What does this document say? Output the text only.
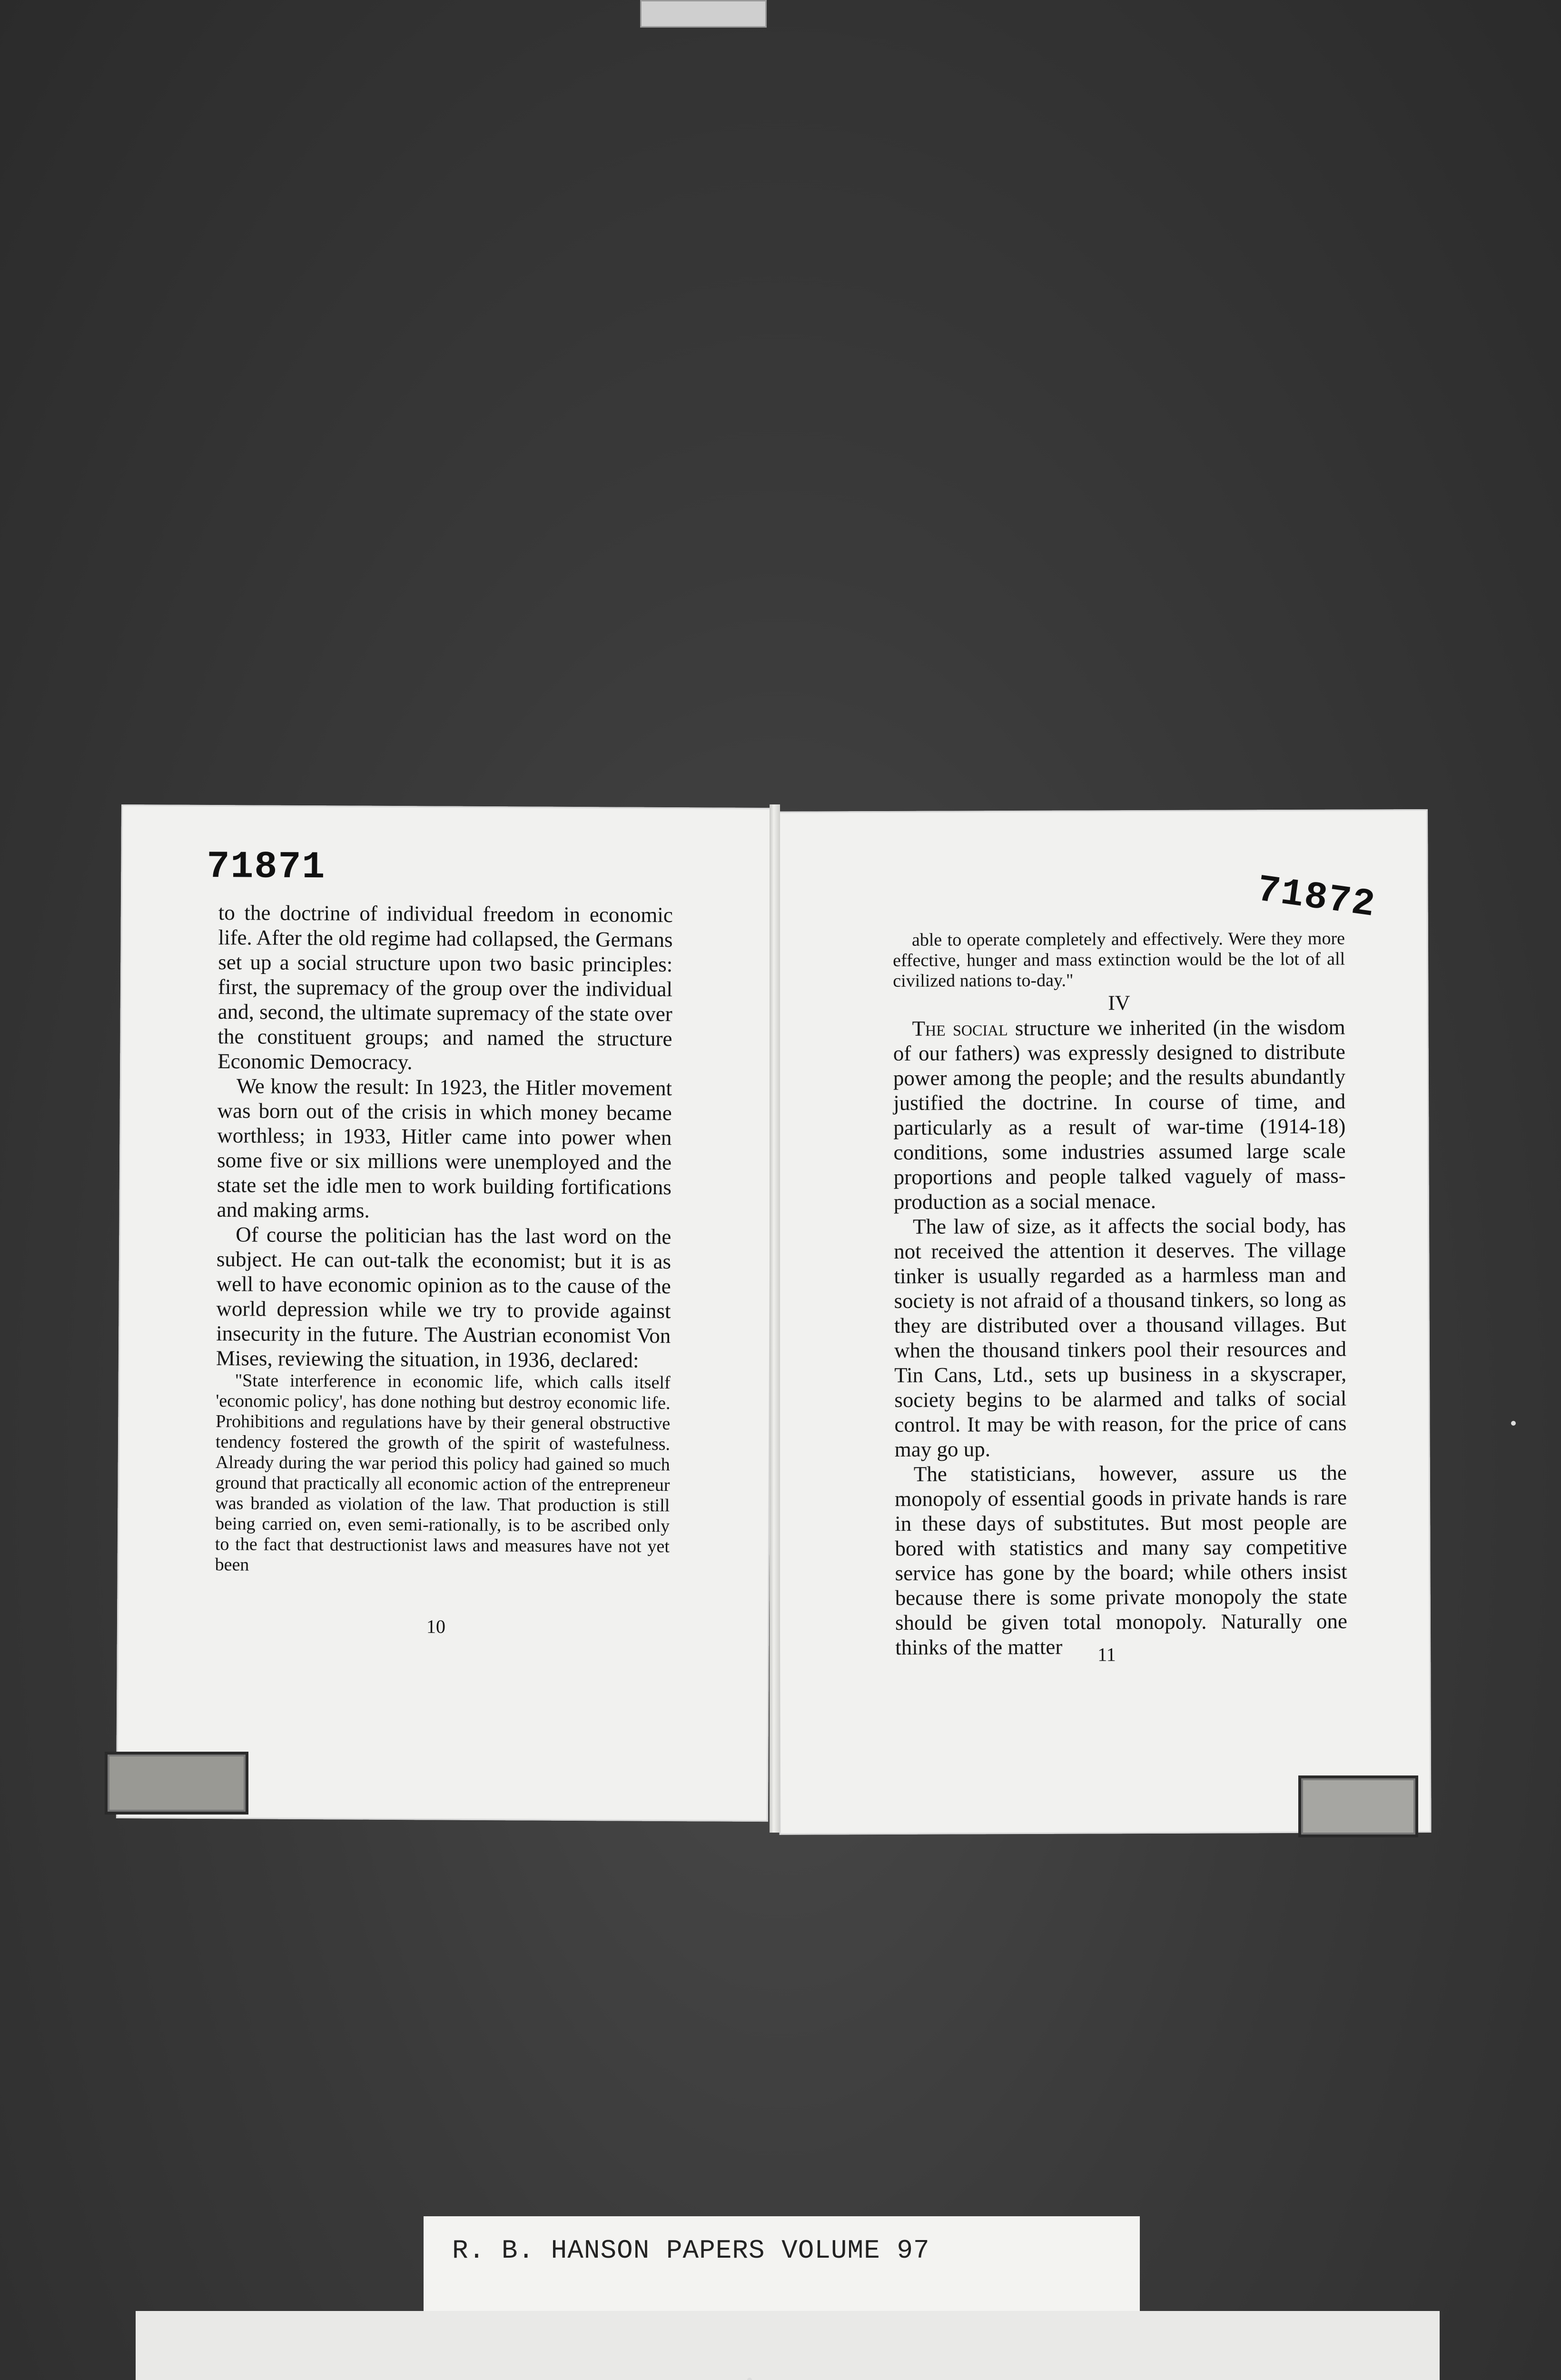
71871

to the doctrine of individual freedom in economic life. After the old regime had collapsed, the Germans set up a social structure upon two basic principles: first, the supremacy of the group over the individual and, second, the ultimate supremacy of the state over the constituent groups; and named the structure Economic Democracy.

We know the result: In 1923, the Hitler movement was born out of the crisis in which money became worthless; in 1933, Hitler came into power when some five or six millions were unemployed and the state set the idle men to work building fortifications and making arms.

Of course the politician has the last word on the subject. He can out-talk the economist; but it is as well to have economic opinion as to the cause of the world depression while we try to provide against insecurity in the future. The Austrian economist Von Mises, reviewing the situation, in 1936, declared:

"State interference in economic life, which calls itself 'economic policy', has done nothing but destroy economic life. Prohibitions and regulations have by their general obstructive tendency fostered the growth of the spirit of wastefulness. Already during the war period this policy had gained so much ground that practically all economic action of the entrepreneur was branded as violation of the law. That production is still being carried on, even semi-rationally, is to be ascribed only to the fact that destructionist laws and measures have not yet been

10
71872

able to operate completely and effectively. Were they more effective, hunger and mass extinction would be the lot of all civilized nations to-day."

IV

The social structure we inherited (in the wisdom of our fathers) was expressly designed to distribute power among the people; and the results abundantly justified the doctrine. In course of time, and particularly as a result of war-time (1914-18) conditions, some industries assumed large scale proportions and people talked vaguely of mass-production as a social menace.

The law of size, as it affects the social body, has not received the attention it deserves. The village tinker is usually regarded as a harmless man and society is not afraid of a thousand tinkers, so long as they are distributed over a thousand villages. But when the thousand tinkers pool their resources and Tin Cans, Ltd., sets up business in a skyscraper, society begins to be alarmed and talks of social control. It may be with reason, for the price of cans may go up.

The statisticians, however, assure us the monopoly of essential goods in private hands is rare in these days of substitutes. But most people are bored with statistics and many say competitive service has gone by the board; while others insist because there is some private monopoly the state should be given total monopoly. Naturally one thinks of the matter	11
R. B. HANSON PAPERS VOLUME 97
